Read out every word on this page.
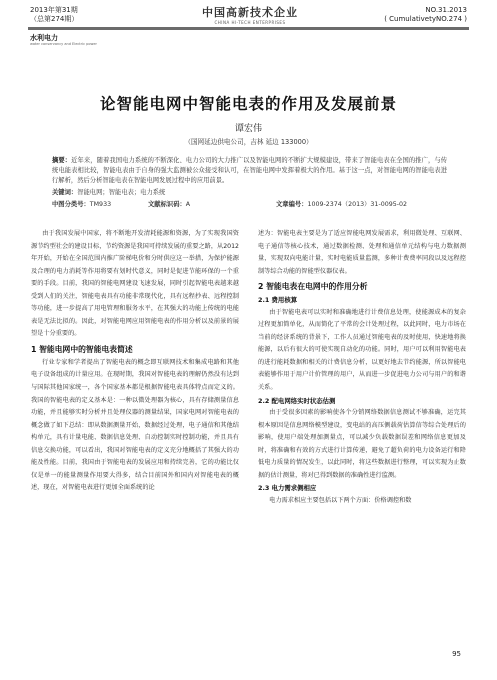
2013年第31期
（总第274期）	中国高新技术企业
CHINA HI-TECH ENTERPRISES
NO.31.2013
( CumulativetyNO.274 )
水利电力
water conservancy and Electric power
论智能电网中智能电表的作用及发展前景
谭宏伟
（国网延边供电公司，吉林 延边 133000）
摘要：近年来，随着我国电力系统的不断深化、电力公司的大力推广以及智能电网的不断扩大规模建设，带来了智能电表在全国的推广，与传统电能表相比较，智能电表由于自身的强大监测被公众接受和认可，在智能电网中发挥着极大的作用。基于这一点，对智能电网的智能电表进行解析，然后分析智能电表在智能电网发展过程中的应用前景。
关键词：智能电网；智能电表；电力系统
中图分类号：TM933	文献标识码：A	文章编号：1009-2374（2013）31-0095-02

由于我国发展中国家，将不断地开发清耗能源和资源，为了实现我国资源节约型社会的建设目标，节约资源是我国可持续发展的重要之路，从2012年开始，开始在全国范围内推广阶梯电价和分时供应这一举措，为保护能源及合理的电力消耗等作用将要有划时代意义，同时是促进节能环保的一个重要的手段。目前，我国的智能电网建设飞速发展，同时引起智能电表越来越受到人们的关注，智能电表具有功能非常现代化，具有远程抄表、远程控制等功能，进一步提高了用电管理和服务水平，在其强大的功能上传统的电能表是无法比拟的。因此，对智能电网应用智能电表的作用分析以及前景的展望是十分重要的。

1 智能电网中的智能电表简述

行业专家和学者提出了智能电表的概念即互联网技术和集成电路和其他电子设备组成的计量应用。在现时期，我国对智能电表的理解仍然没有达到与国际其他国家统一，各个国家基本都是根据智能电表具体特点而定义的。我国的智能电表的定义基本是：一种以微处理器为核心，具有存储测量信息功能，并且能够实时分析并且处理仪器的测量结果，国家电网对智能电表的概念做了如下总结：即从数据测量开始，数据经过处理，电子通信和其他结构单元，具有计量电能、数据信息处理、自动控制实时控制功能，并且具有信息交换功能，可以看出，我国对智能电表的定义充分地概括了其强大的功能及性能。目前，我国由于智能电表的发展应用和持续完善，它的功能比仅仅是单一的能量测量作用要大得多，结合目前国外和国内对智能电表的概述，现在，对智能电表进行更加全面系统的论

述为：智能电表主要是为了适应智能电网发展需求，利用微处理、互联网、电子通信等核心技术，通过数据检测、处理和通信单元结构与电力数据测量，实现双向电能计量，实时电能质量监测，多种计费费率同段以及远程控制等综合功能的智能型仪器仪表。

2 智能电表在电网中的作用分析
2.1 费用核算

由于智能电表可以实时和准确地进行计费信息处理，使能源成本的复杂过程更加简单化，从而简化了平常的会计处理过程，以此同时，电力市场在当前的经济系统的背景下，工作人员通过智能电表的及时使用，快速地将换能源，以后有很大的可使实现自动化的功能。同时，用户可以利用智能电表的进行能耗数据和相关的计费信息分析，以更好地去节约能源，所以智能电表能够作用于用户计价管理的用户，从而进一步促进电力公司与用户的和谐关系。

2.2 配电网络实时状态估测

由于受很多因素的影响使各个分销网络数据信息测试不够准确，运完其根本原因是信息网络模型建设，变电站的高压侧载荷估算信等综合处理后的影响，使用户端处理加测量点，可以减少负载数据误差和网络信息更加及时，将准确和有效的方式进行计算传递，避免了超负荷的电力设备运行和降低电力质量的情况发生，以此同时，将这些数据进行整理，可以实现为止数据的估计测量，将对已得到数据的准确性进行监测。

2.3 电力需求侧相应

电力需求相应主要包括以下两个方面：价格调控和数

95
